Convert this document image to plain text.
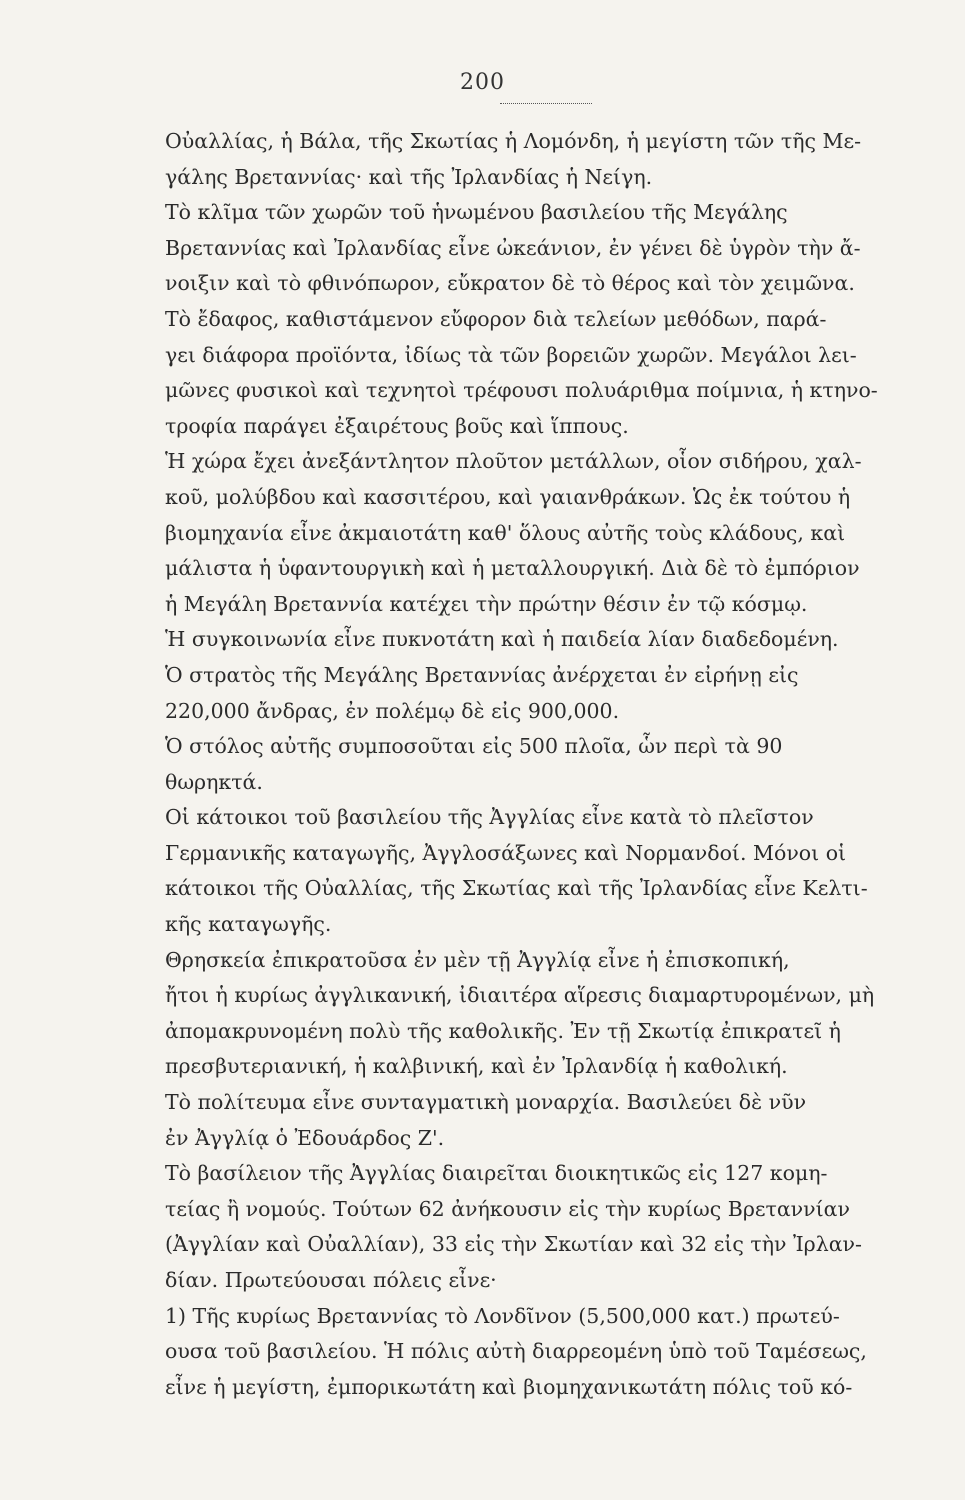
200
Οὐαλλίας, ἡ Βάλα, τῆς Σκωτίας ἡ Λομόνδη, ἡ μεγίστη τῶν τῆς Με-
γάλης Βρεταννίας· καὶ τῆς Ἰρλανδίας ἡ Νείγη.
Τὸ κλῖμα τῶν χωρῶν τοῦ ἡνωμένου βασιλείου τῆς Μεγάλης
Βρεταννίας καὶ Ἰρλανδίας εἶνε ὠκεάνιον, ἐν γένει δὲ ὑγρὸν τὴν ἄ-
νοιξιν καὶ τὸ φθινόπωρον, εὔκρατον δὲ τὸ θέρος καὶ τὸν χειμῶνα.
Τὸ ἔδαφος, καθιστάμενον εὔφορον διὰ τελείων μεθόδων, παρά-
γει διάφορα προϊόντα, ἰδίως τὰ τῶν βορειῶν χωρῶν. Μεγάλοι λει-
μῶνες φυσικοὶ καὶ τεχνητοὶ τρέφουσι πολυάριθμα ποίμνια, ἡ κτηνο-
τροφία παράγει ἐξαιρέτους βοῦς καὶ ἵππους.
Ἡ χώρα ἔχει ἀνεξάντλητον πλοῦτον μετάλλων, οἷον σιδήρου, χαλ-
κοῦ, μολύβδου καὶ κασσιτέρου, καὶ γαιανθράκων. Ὡς ἐκ τούτου ἡ
βιομηχανία εἶνε ἀκμαιοτάτη καθ' ὅλους αὐτῆς τοὺς κλάδους, καὶ
μάλιστα ἡ ὑφαντουργικὴ καὶ ἡ μεταλλουργική. Διὰ δὲ τὸ ἐμπόριον
ἡ Μεγάλη Βρεταννία κατέχει τὴν πρώτην θέσιν ἐν τῷ κόσμῳ.
Ἡ συγκοινωνία εἶνε πυκνοτάτη καὶ ἡ παιδεία λίαν διαδεδομένη.
Ὁ στρατὸς τῆς Μεγάλης Βρεταννίας ἀνέρχεται ἐν εἰρήνῃ εἰς
220,000 ἄνδρας, ἐν πολέμῳ δὲ εἰς 900,000.
Ὁ στόλος αὐτῆς συμποσοῦται εἰς 500 πλοῖα, ὧν περὶ τὰ 90
θωρηκτά.
Οἱ κάτοικοι τοῦ βασιλείου τῆς Ἀγγλίας εἶνε κατὰ τὸ πλεῖστον
Γερμανικῆς καταγωγῆς, Ἀγγλοσάξωνες καὶ Νορμανδοί. Μόνοι οἱ
κάτοικοι τῆς Οὐαλλίας, τῆς Σκωτίας καὶ τῆς Ἰρλανδίας εἶνε Κελτι-
κῆς καταγωγῆς.
Θρησκεία ἐπικρατοῦσα ἐν μὲν τῇ Ἀγγλίᾳ εἶνε ἡ ἐπισκοπική,
ἤτοι ἡ κυρίως ἀγγλικανική, ἰδιαιτέρα αἵρεσις διαμαρτυρομένων, μὴ
ἀπομακρυνομένη πολὺ τῆς καθολικῆς. Ἐν τῇ Σκωτίᾳ ἐπικρατεῖ ἡ
πρεσβυτεριανική, ἡ καλβινική, καὶ ἐν Ἰρλανδίᾳ ἡ καθολική.
Τὸ πολίτευμα εἶνε συνταγματικὴ μοναρχία. Βασιλεύει δὲ νῦν
ἐν Ἀγγλίᾳ ὁ Ἐδουάρδος Ζ'.
Τὸ βασίλειον τῆς Ἀγγλίας διαιρεῖται διοικητικῶς εἰς 127 κομη-
τείας ἢ νομούς. Τούτων 62 ἀνήκουσιν εἰς τὴν κυρίως Βρεταννίαν
(Ἀγγλίαν καὶ Οὐαλλίαν), 33 εἰς τὴν Σκωτίαν καὶ 32 εἰς τὴν Ἰρλαν-
δίαν. Πρωτεύουσαι πόλεις εἶνε·
1) Τῆς κυρίως Βρεταννίας τὸ Λονδῖνον (5,500,000 κατ.) πρωτεύ-
ουσα τοῦ βασιλείου. Ἡ πόλις αὐτὴ διαρρεομένη ὑπὸ τοῦ Ταμέσεως,
εἶνε ἡ μεγίστη, ἐμπορικωτάτη καὶ βιομηχανικωτάτη πόλις τοῦ κό-
